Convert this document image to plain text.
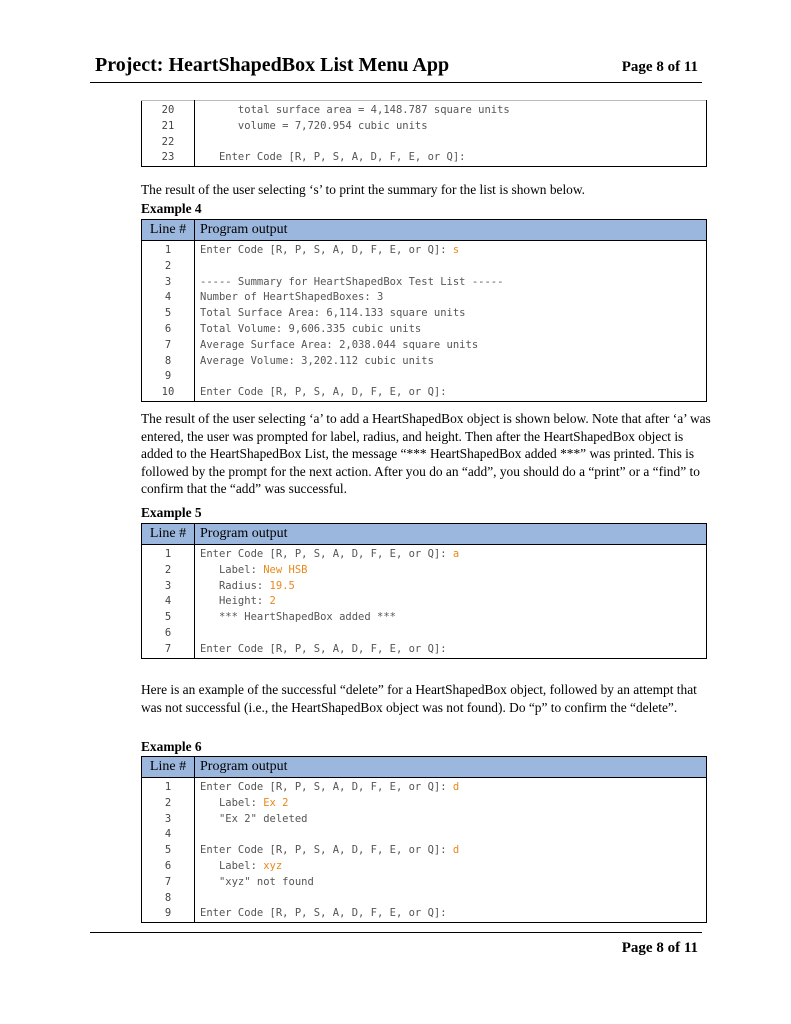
Project: HeartShapedBox List Menu App	Page 8 of 11
20	total surface area = 4,148.787 square units
21	volume = 7,720.954 cubic units
22	
23	Enter Code [R, P, S, A, D, F, E, or Q]:
The result of the user selecting ‘s’ to print the summary for the list is shown below.
Example 4
Line #	Program output
1	Enter Code [R, P, S, A, D, F, E, or Q]: s
2	
3	----- Summary for HeartShapedBox Test List -----
4	Number of HeartShapedBoxes: 3
5	Total Surface Area: 6,114.133 square units
6	Total Volume: 9,606.335 cubic units
7	Average Surface Area: 2,038.044 square units
8	Average Volume: 3,202.112 cubic units
9	
10	Enter Code [R, P, S, A, D, F, E, or Q]:
The result of the user selecting ‘a’ to add a HeartShapedBox object is shown below. Note that after ‘a’ was entered, the user was prompted for label, radius, and height. Then after the HeartShapedBox object is added to the HeartShapedBox List, the message “*** HeartShapedBox added ***” was printed. This is followed by the prompt for the next action. After you do an “add”, you should do a “print” or a “find” to confirm that the “add” was successful.
Example 5
Line #	Program output
1	Enter Code [R, P, S, A, D, F, E, or Q]: a
2	Label: New HSB
3	Radius: 19.5
4	Height: 2
5	*** HeartShapedBox added ***
6	
7	Enter Code [R, P, S, A, D, F, E, or Q]:
Here is an example of the successful “delete” for a HeartShapedBox object, followed by an attempt that was not successful (i.e., the HeartShapedBox object was not found). Do “p” to confirm the “delete”.
Example 6
Line #	Program output
1	Enter Code [R, P, S, A, D, F, E, or Q]: d
2	Label: Ex 2
3	"Ex 2" deleted
4	
5	Enter Code [R, P, S, A, D, F, E, or Q]: d
6	Label: xyz
7	"xyz" not found
8	
9	Enter Code [R, P, S, A, D, F, E, or Q]:
Page 8 of 11
